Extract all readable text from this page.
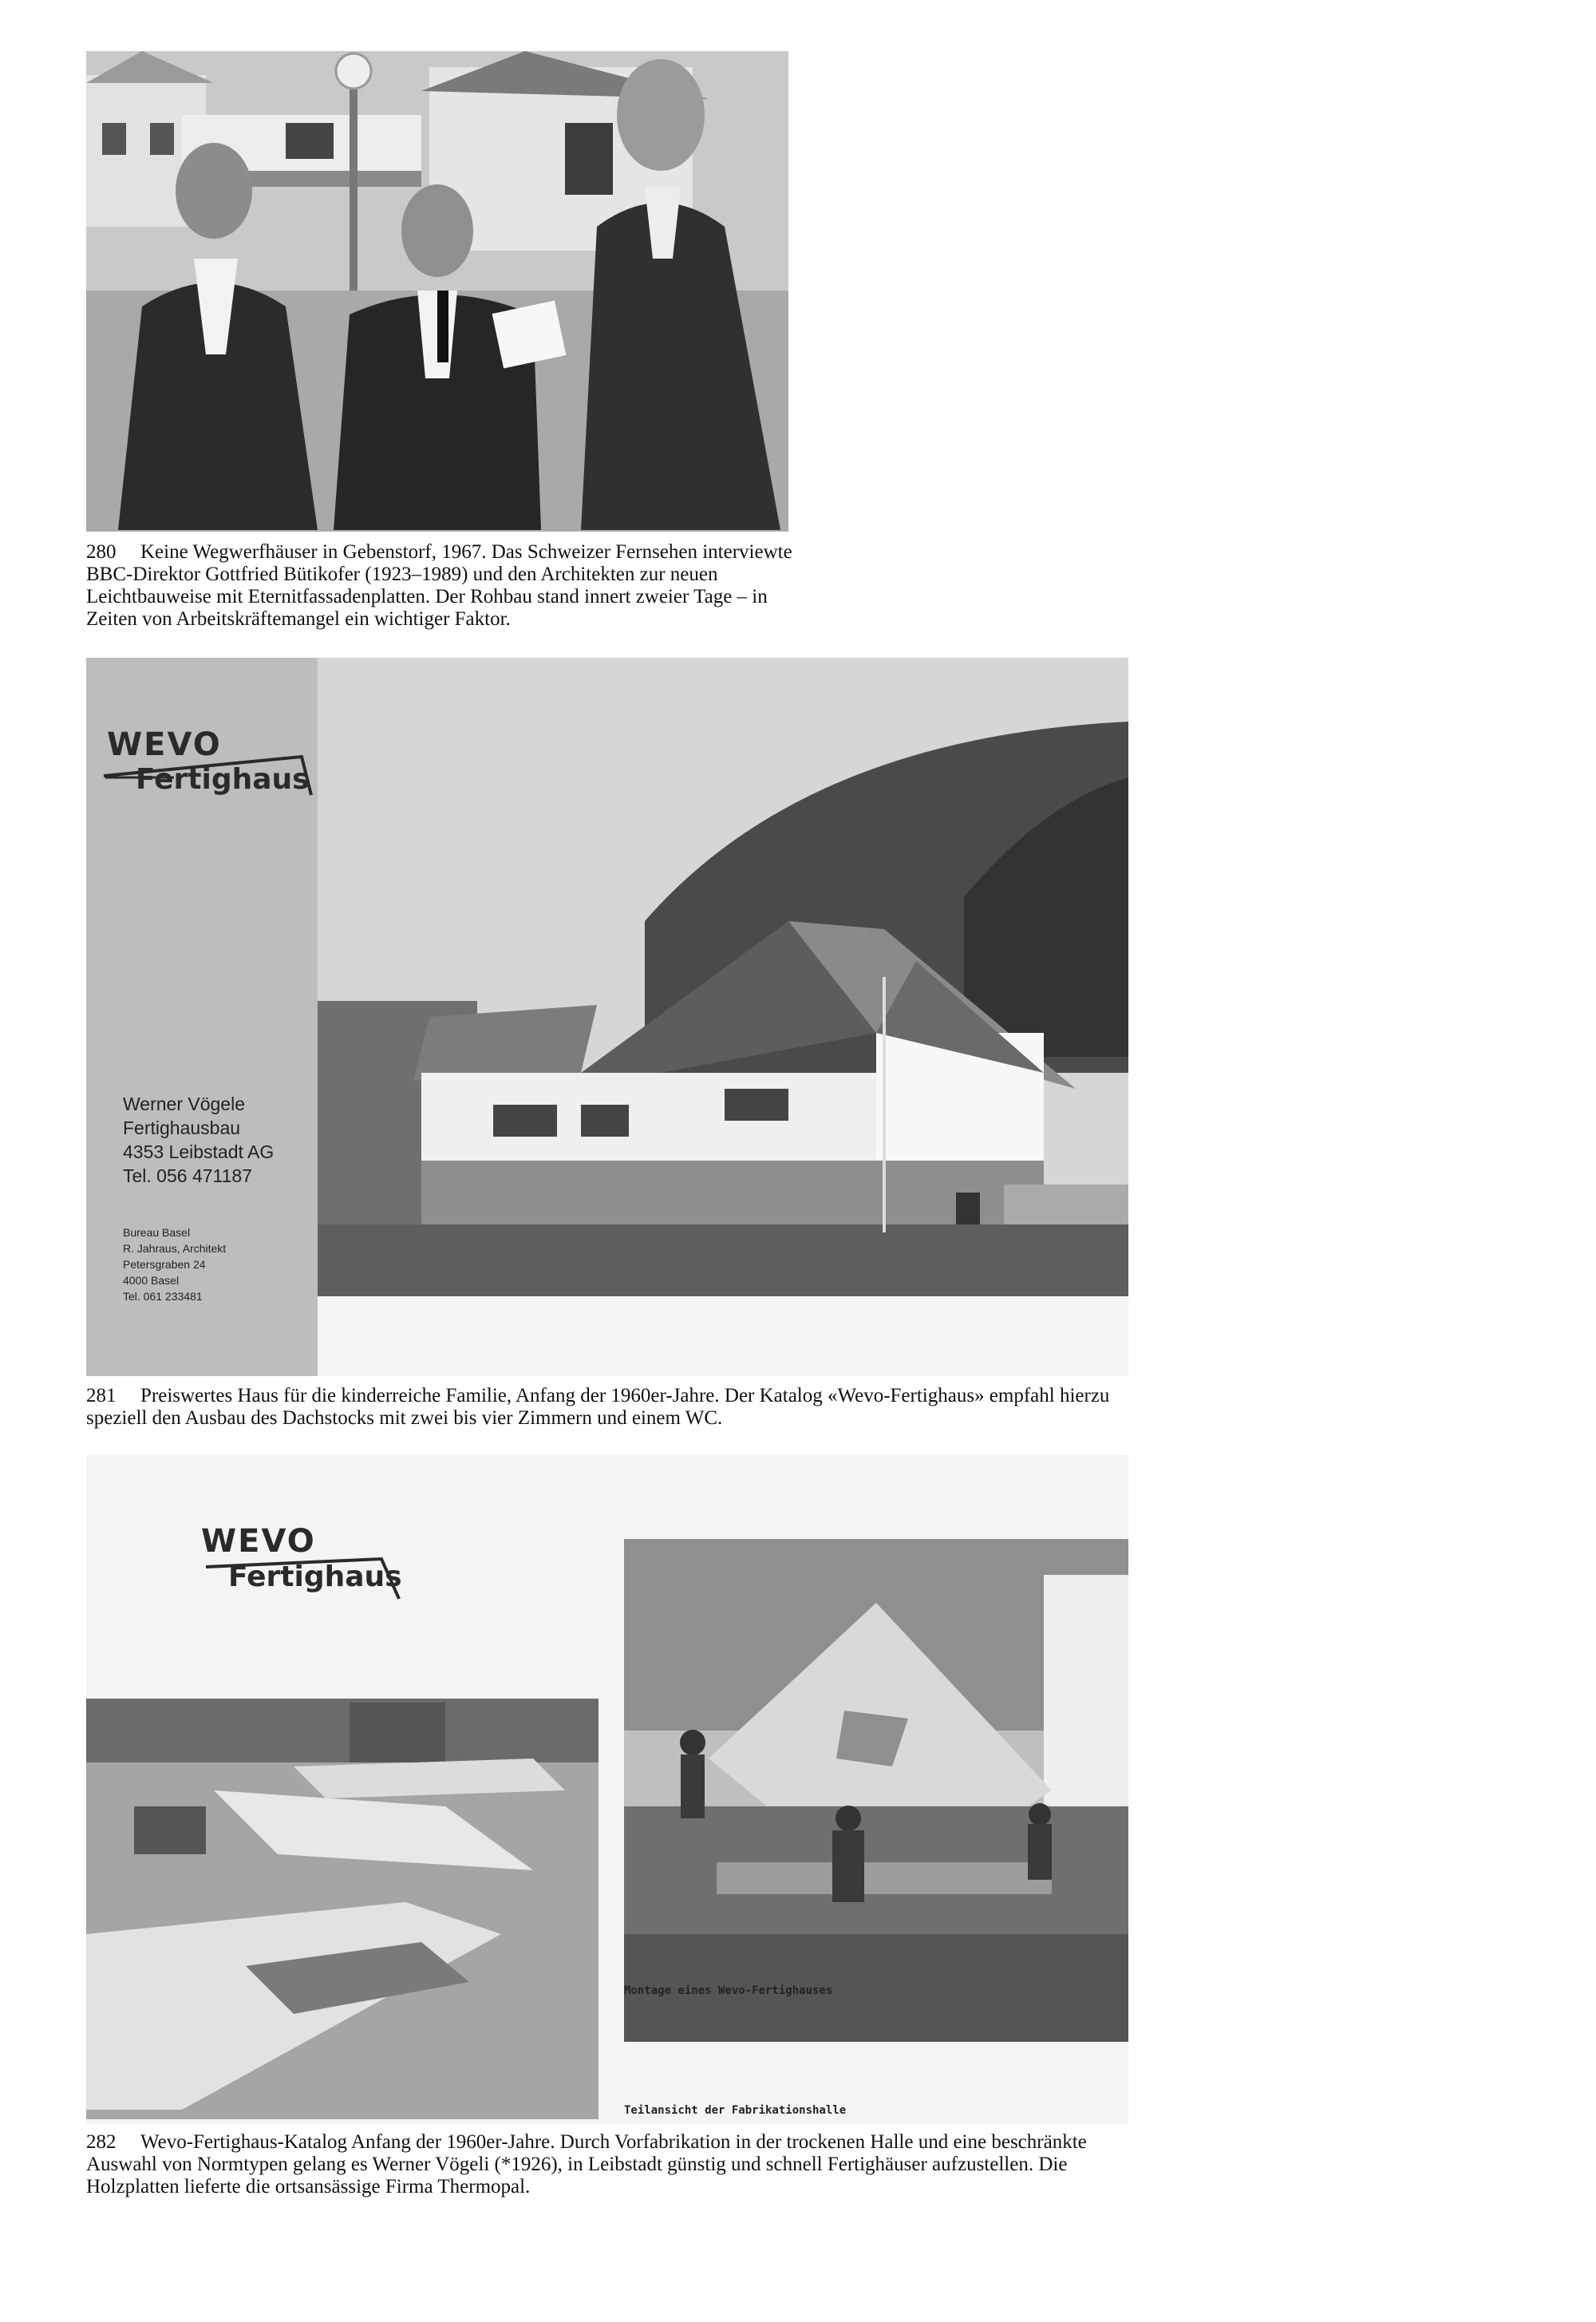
280 Keine Wegwerfhäuser in Gebenstorf, 1967. Das Schweizer Fernsehen interviewte BBC-Direktor Gottfried Bütikofer (1923–1989) und den Architekten zur neuen Leichtbauweise mit Eternitfassadenplatten. Der Rohbau stand innert zweier Tage – in Zeiten von Arbeitskräftemangel ein wichtiger Faktor.
WEVO
Fertighaus
Werner Vögele
Fertighausbau
4353 Leibstadt AG
Tel. 056 471187
Bureau Basel
R. Jahraus, Architekt
Petersgraben 24
4000 Basel
Tel. 061 233481
281 Preiswertes Haus für die kinderreiche Familie, Anfang der 1960er-Jahre. Der Katalog «Wevo-Fertighaus» empfahl hierzu speziell den Ausbau des Dachstocks mit zwei bis vier Zimmern und einem WC.
WEVO
Fertighaus
Montage eines Wevo-Fertighauses
Teilansicht der Fabrikationshalle
282 Wevo-Fertighaus-Katalog Anfang der 1960er-Jahre. Durch Vorfabrikation in der trockenen Halle und eine beschränkte Auswahl von Normtypen gelang es Werner Vögeli (*1926), in Leibstadt günstig und schnell Fertighäuser aufzustellen. Die Holzplatten lieferte die ortsansässige Firma Thermopal.
